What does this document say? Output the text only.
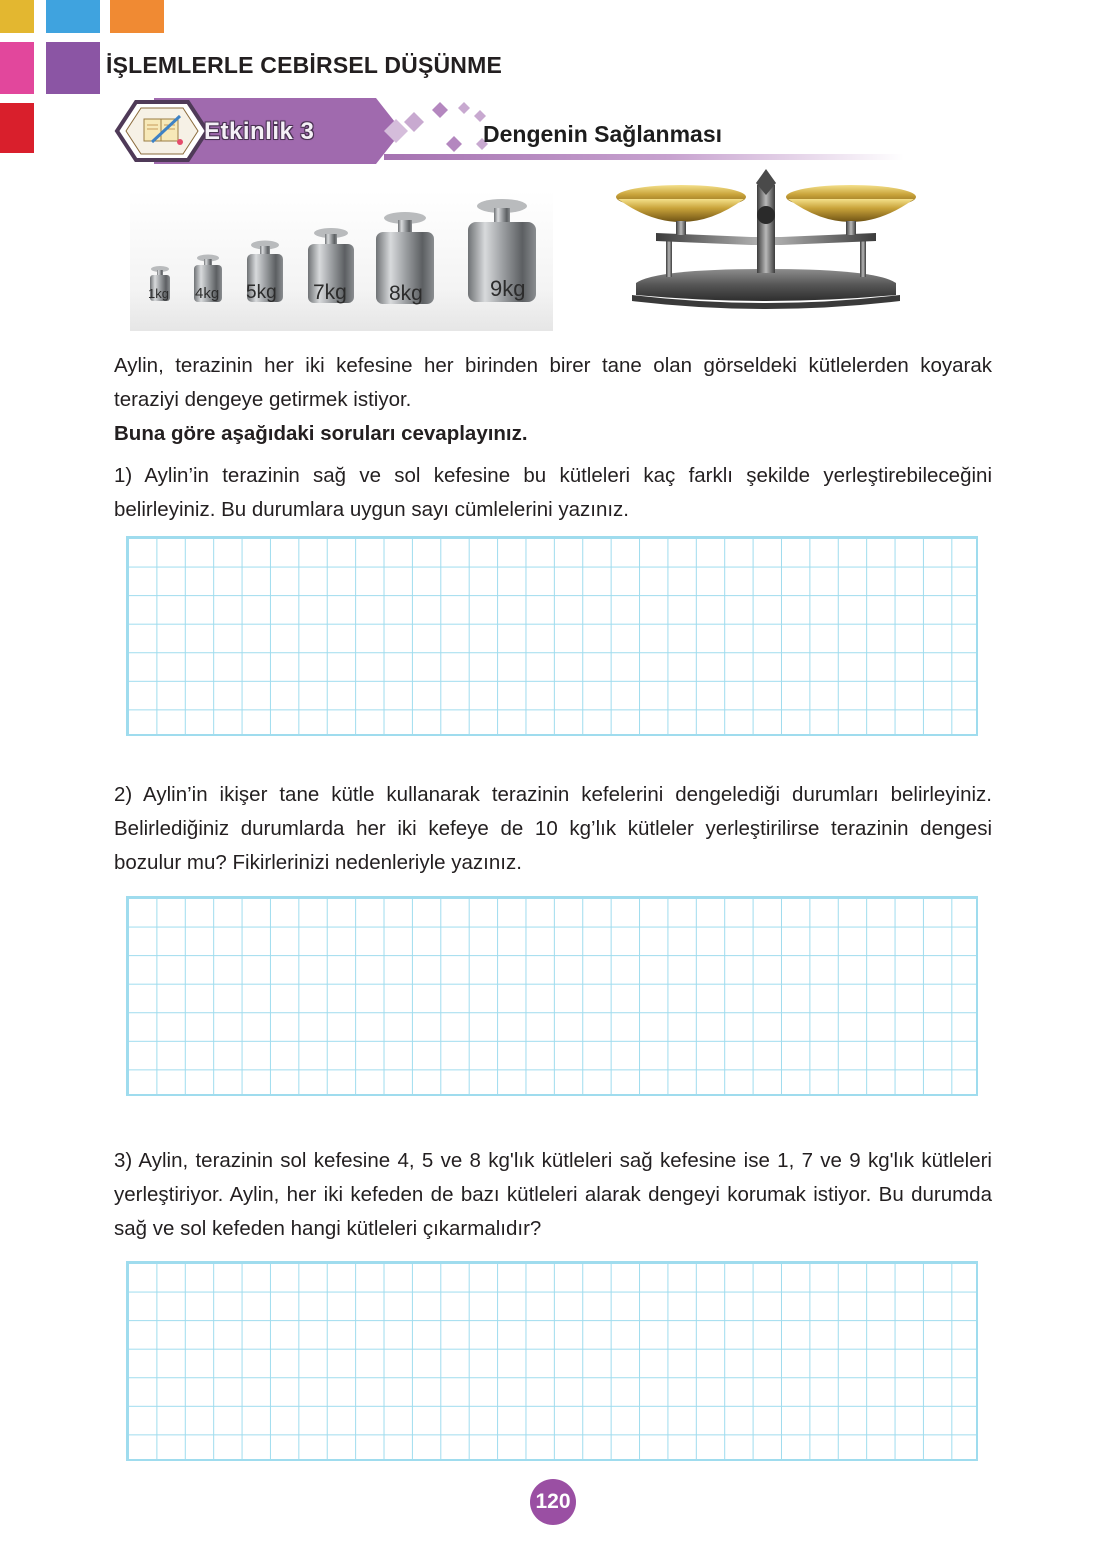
İŞLEMLERLE CEBİRSEL DÜŞÜNME
Etkinlik 3	Dengenin Sağlanması
1kg 4kg 5kg 7kg 8kg	9kg
Aylin, terazinin her iki kefesine her birinden birer tane olan görseldeki kütlelerden koyarak teraziyi dengeye getirmek istiyor.
Buna göre aşağıdaki soruları cevaplayınız.
1) Aylin’in terazinin sağ ve sol kefesine bu kütleleri kaç farklı şekilde yerleştirebileceğini belirleyiniz. Bu durumlara uygun sayı cümlelerini yazınız.
2) Aylin’in ikişer tane kütle kullanarak terazinin kefelerini dengelediği durumları belirleyiniz. Belirlediğiniz durumlarda her iki kefeye de 10 kg’lık kütleler yerleştirilirse terazinin dengesi bozulur mu? Fikirlerinizi nedenleriyle yazınız.
3) Aylin, terazinin sol kefesine 4, 5 ve 8 kg'lık kütleleri sağ kefesine ise 1, 7 ve 9 kg'lık kütleleri yerleştiriyor. Aylin, her iki kefeden de bazı kütleleri alarak dengeyi korumak istiyor. Bu durumda sağ ve sol kefeden hangi kütleleri çıkarmalıdır?
120
